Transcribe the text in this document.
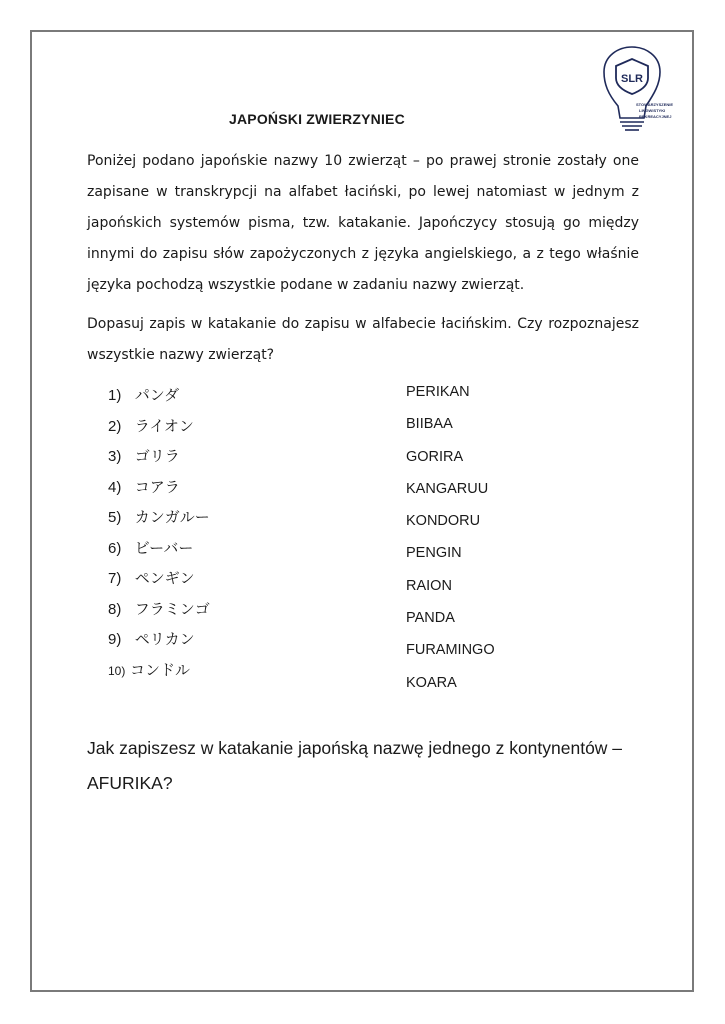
SLR
STOWARZYSZENIE
LINGWISTYKI
REKREACYJNEJ
JAPOŃSKI ZWIERZYNIEC

Poniżej podano japońskie nazwy 10 zwierząt – po prawej stronie zostały one zapisane w transkrypcji na alfabet łaciński, po lewej natomiast w jednym z japońskich systemów pisma, tzw. katakanie. Japończycy stosują go między innymi do zapisu słów zapożyczonych z języka angielskiego, a z tego właśnie języka pochodzą wszystkie podane w zadaniu nazwy zwierząt.

Dopasuj zapis w katakanie do zapisu w alfabecie łacińskim. Czy rozpoznajesz wszystkie nazwy zwierząt?

1) パンダ
2) ライオン
3) ゴリラ
4) コアラ
5) カンガルー
6) ビーバー
7) ペンギン
8) フラミンゴ
9) ペリカン
10) コンドル
PERIKAN
BIIBAA
GORIRA
KANGARUU
KONDORU
PENGIN
RAION
PANDA
FURAMINGO
KOARA

Jak zapiszesz w katakanie japońską nazwę jednego z kontynentów – AFURIKA?
